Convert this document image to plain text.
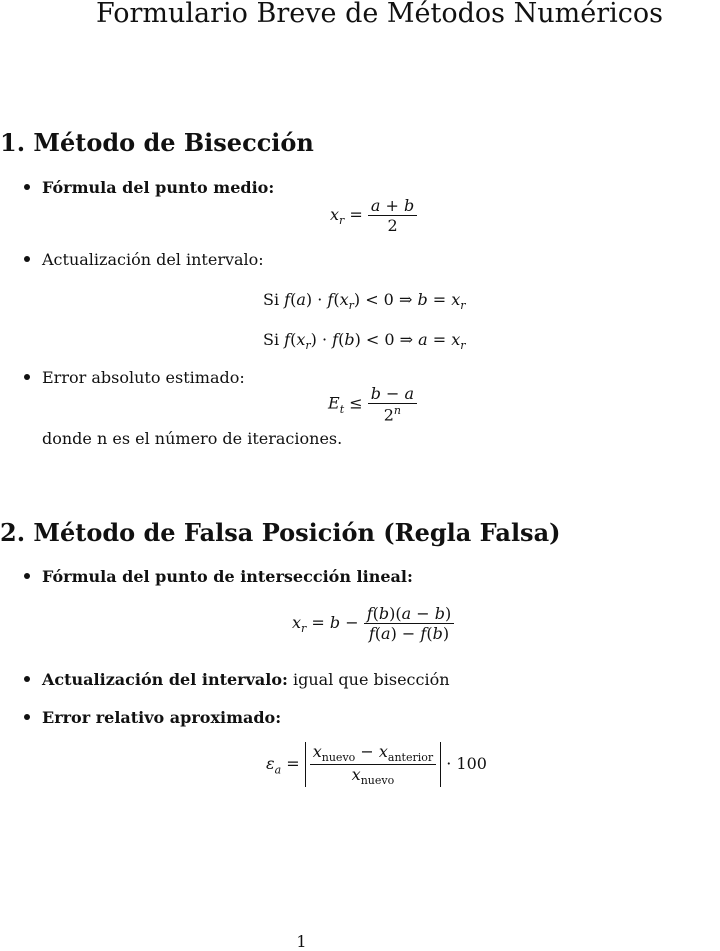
Formulario Breve de Métodos Numéricos
1. Método de Bisección
Fórmula del punto medio:
$x_r = \frac{a + b}{2}$
Actualización del intervalo:
Si $f(a) \cdot f(x_r) < 0$ ⇒ $b = x_r$
Si $f(x_r) \cdot f(b) < 0$ ⇒ $a = x_r$
Error absoluto estimado:
$E_t \le \frac{b - a}{2^n}$
donde n es el número de iteraciones.
2. Método de Falsa Posición (Regla Falsa)
Fórmula del punto de intersección lineal:
$x_r = b - \frac{f(b)(a - b)}{f(a) - f(b)}$
Actualización del intervalo: igual que bisección
Error relativo aproximado:
$\varepsilon_a = \frac{x_{nuevo} - x_{anterior}}{x_{nuevo}} \cdot 100$
1
